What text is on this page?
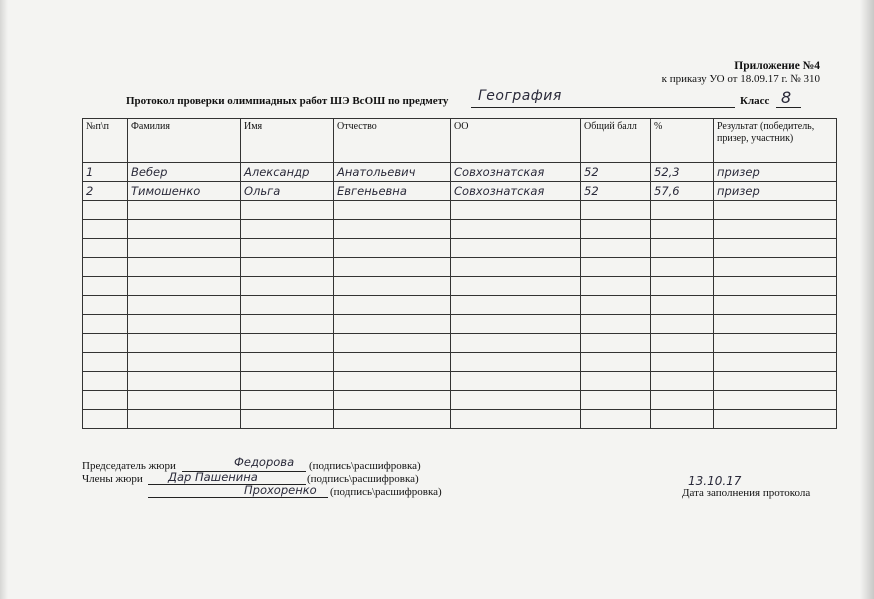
Приложение №4
к приказу УО от 18.09.17 г. № 310
Протокол проверки олимпиадных работ ШЭ ВсОШ по предмету География	Класс 8
№п\п	Фамилия	Имя	Отчество	ОО	Общий балл	%	Результат (победитель, призер, участник)
1	Вебер	Александр	Анатольевич	Совхознатская	52	52,3	призер
2	Тимошенко	Ольга	Евгеньевна	Совхознатская	52	57,6	призер

Председатель жюри	Федорова (подпись\расшифровка)
Члены жюри Дар Пашенина	(подпись\расшифровка)
Прохоренко (подпись\расшифровка)
13.10.17
Дата заполнения протокола
